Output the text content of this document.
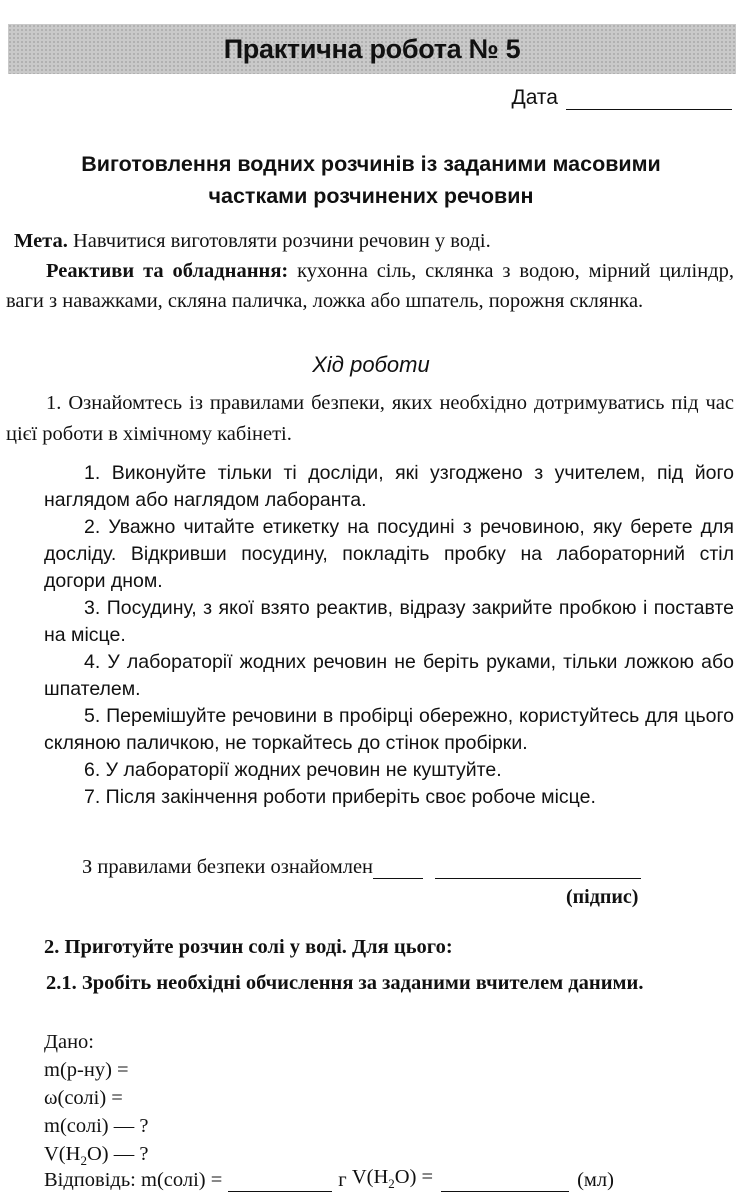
Практична робота № 5
Дата
Виготовлення водних розчинів із заданими масовими
частками розчинених речовин
Мета. Навчитися виготовляти розчини речовин у воді.
Реактиви та обладнання: кухонна сіль, склянка з водою, мірний циліндр, ваги з наважками, скляна паличка, ложка або шпатель, порожня склянка.
Хід роботи
1. Ознайомтесь із правилами безпеки, яких необхідно дотримуватись під час цієї роботи в хімічному кабінеті.
1. Виконуйте тільки ті досліди, які узгоджено з учителем, під його наглядом або наглядом лаборанта.
2. Уважно читайте етикетку на посудині з речовиною, яку берете для досліду. Відкривши посудину, покладіть пробку на лабораторний стіл догори дном.
3. Посудину, з якої взято реактив, відразу закрийте пробкою і поставте на місце.
4. У лабораторії жодних речовин не беріть руками, тільки ложкою або шпателем.
5. Перемішуйте речовини в пробірці обережно, користуйтесь для цього скляною паличкою, не торкайтесь до стінок пробірки.
6. У лабораторії жодних речовин не куштуйте.
7. Після закінчення роботи приберіть своє робоче місце.
З правилами безпеки ознайомлен
(підпис)
2. Приготуйте розчин солі у воді. Для цього:
2.1. Зробіть необхідні обчислення за заданими вчителем даними.
Дано:
m(р-ну) =
ω(солі) =
m(солі) — ?
$V(H_2O)$ — ?
Відповідь: m(солі) =	г
$V(H_2O)$ =	(мл)
